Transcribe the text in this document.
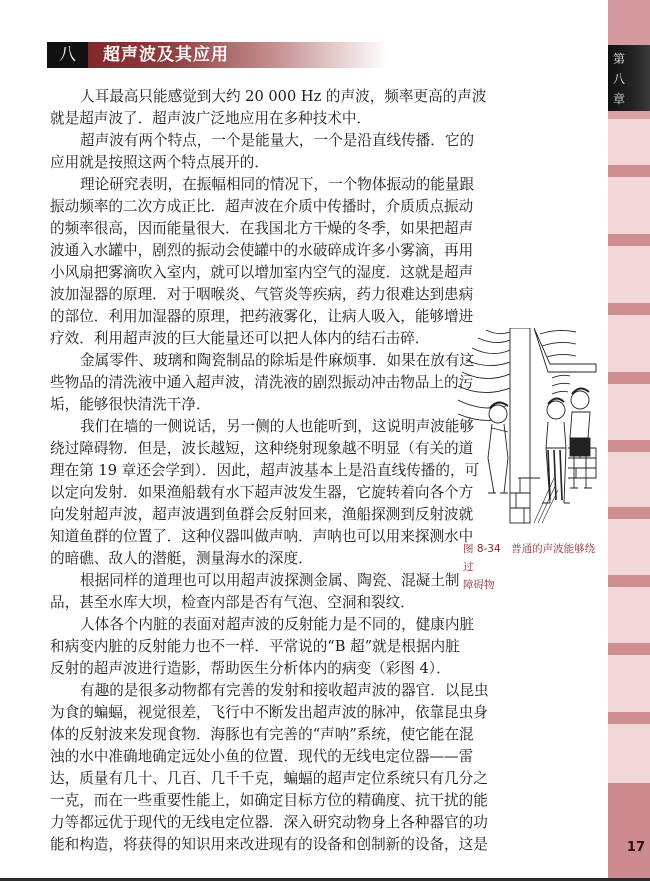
八	超声波及其应用
人耳最高只能感觉到大约 20 000 Hz 的声波，频率更高的声波
就是超声波了．超声波广泛地应用在多种技术中．
超声波有两个特点，一个是能量大，一个是沿直线传播．它的
应用就是按照这两个特点展开的．
理论研究表明，在振幅相同的情况下，一个物体振动的能量跟
振动频率的二次方成正比．超声波在介质中传播时，介质质点振动
的频率很高，因而能量很大．在我国北方干燥的冬季，如果把超声
波通入水罐中，剧烈的振动会使罐中的水破碎成许多小雾滴，再用
小风扇把雾滴吹入室内，就可以增加室内空气的湿度．这就是超声
波加湿器的原理．对于咽喉炎、气管炎等疾病，药力很难达到患病
的部位．利用加湿器的原理，把药液雾化，让病人吸入，能够增进
疗效．利用超声波的巨大能量还可以把人体内的结石击碎．
金属零件、玻璃和陶瓷制品的除垢是件麻烦事．如果在放有这
些物品的清洗液中通入超声波，清洗液的剧烈振动冲击物品上的污
垢，能够很快清洗干净．
我们在墙的一侧说话，另一侧的人也能听到，这说明声波能够
绕过障碍物．但是，波长越短，这种绕射现象越不明显（有关的道
理在第 19 章还会学到）．因此，超声波基本上是沿直线传播的，可
以定向发射．如果渔船载有水下超声波发生器，它旋转着向各个方
向发射超声波，超声波遇到鱼群会反射回来，渔船探测到反射波就
知道鱼群的位置了．这种仪器叫做声呐．声呐也可以用来探测水中
的暗礁、敌人的潜艇，测量海水的深度．
根据同样的道理也可以用超声波探测金属、陶瓷、混凝土制
品，甚至水库大坝，检查内部是否有气泡、空洞和裂纹．
人体各个内脏的表面对超声波的反射能力是不同的，健康内脏
和病变内脏的反射能力也不一样．平常说的“B 超”就是根据内脏
反射的超声波进行造影，帮助医生分析体内的病变（彩图 4）．
有趣的是很多动物都有完善的发射和接收超声波的器官．以昆虫
为食的蝙蝠，视觉很差，飞行中不断发出超声波的脉冲，依靠昆虫身
体的反射波来发现食物．海豚也有完善的“声呐”系统，使它能在混
浊的水中准确地确定远处小鱼的位置．现代的无线电定位器——雷
达，质量有几十、几百、几千千克，蝙蝠的超声定位系统只有几分之
一克，而在一些重要性能上，如确定目标方位的精确度、抗干扰的能
力等都远优于现代的无线电定位器．深入研究动物身上各种器官的功
能和构造，将获得的知识用来改进现有的设备和创制新的设备，这是
图 8-34　普通的声波能够绕过
障碍物
第
八
章
17
